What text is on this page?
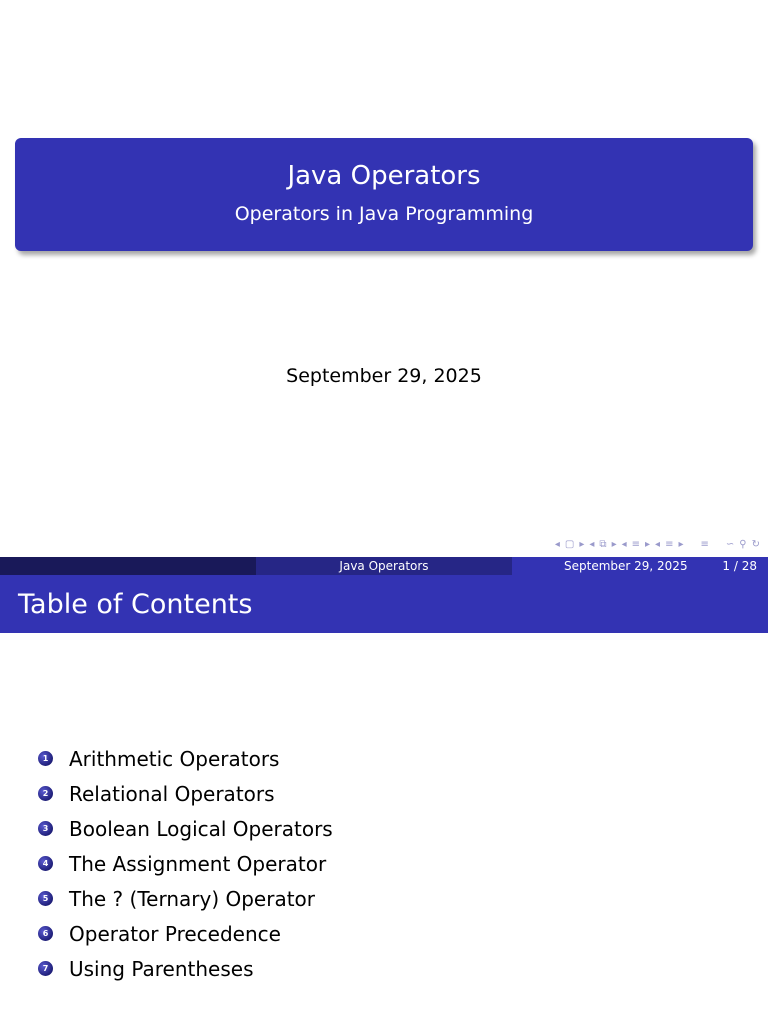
Java Operators
Operators in Java Programming
September 29, 2025
◂ ▢ ▸ ◂ ⧉ ▸ ◂ ≡ ▸ ◂ ≡ ▸ ≡ ∽ ⚲ ↻
Java Operators	September 29, 2025	1 / 28
Table of Contents
1 Arithmetic Operators
2 Relational Operators
3 Boolean Logical Operators
4 The Assignment Operator
5 The ? (Ternary) Operator
6 Operator Precedence
7 Using Parentheses
